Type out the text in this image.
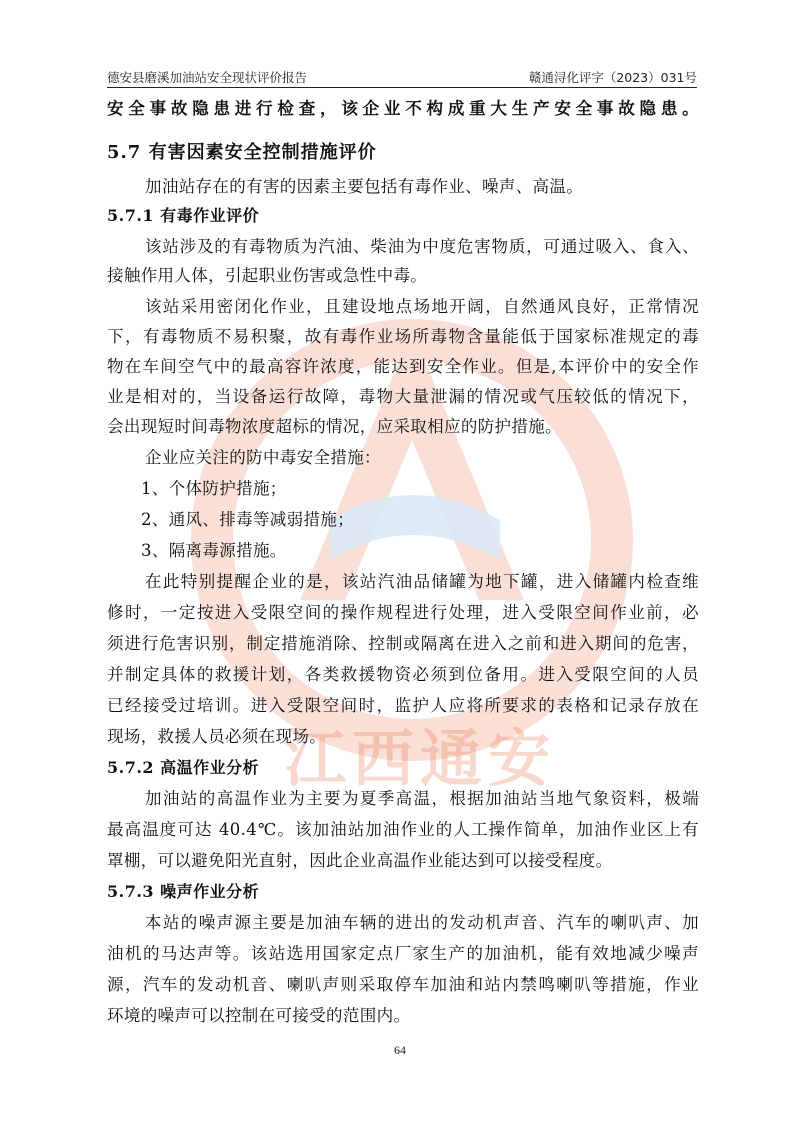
德安县磨溪加油站安全现状评价报告	赣通浔化评字（2023）031号
江西通安
安全事故隐患进行检查，该企业不构成重大生产安全事故隐患。
5.7 有害因素安全控制措施评价
加油站存在的有害的因素主要包括有毒作业、噪声、高温。
5.7.1 有毒作业评价
该站涉及的有毒物质为汽油、柴油为中度危害物质，可通过吸入、食入、
接触作用人体，引起职业伤害或急性中毒。
该站采用密闭化作业，且建设地点场地开阔，自然通风良好，正常情况
下，有毒物质不易积聚，故有毒作业场所毒物含量能低于国家标准规定的毒
物在车间空气中的最高容许浓度，能达到安全作业。但是,本评价中的安全作
业是相对的，当设备运行故障，毒物大量泄漏的情况或气压较低的情况下，
会出现短时间毒物浓度超标的情况，应采取相应的防护措施。
企业应关注的防中毒安全措施：
1、个体防护措施；
2、通风、排毒等减弱措施；
3、隔离毒源措施。
在此特别提醒企业的是，该站汽油品储罐为地下罐，进入储罐内检查维
修时，一定按进入受限空间的操作规程进行处理，进入受限空间作业前，必
须进行危害识别，制定措施消除、控制或隔离在进入之前和进入期间的危害，
并制定具体的救援计划，各类救援物资必须到位备用。进入受限空间的人员
已经接受过培训。进入受限空间时，监护人应将所要求的表格和记录存放在
现场，救援人员必须在现场。
5.7.2 高温作业分析
加油站的高温作业为主要为夏季高温，根据加油站当地气象资料，极端
最高温度可达 40.4℃。该加油站加油作业的人工操作简单，加油作业区上有
罩棚，可以避免阳光直射，因此企业高温作业能达到可以接受程度。
5.7.3 噪声作业分析
本站的噪声源主要是加油车辆的进出的发动机声音、汽车的喇叭声、加
油机的马达声等。该站选用国家定点厂家生产的加油机，能有效地减少噪声
源，汽车的发动机音、喇叭声则采取停车加油和站内禁鸣喇叭等措施，作业
环境的噪声可以控制在可接受的范围内。
64
